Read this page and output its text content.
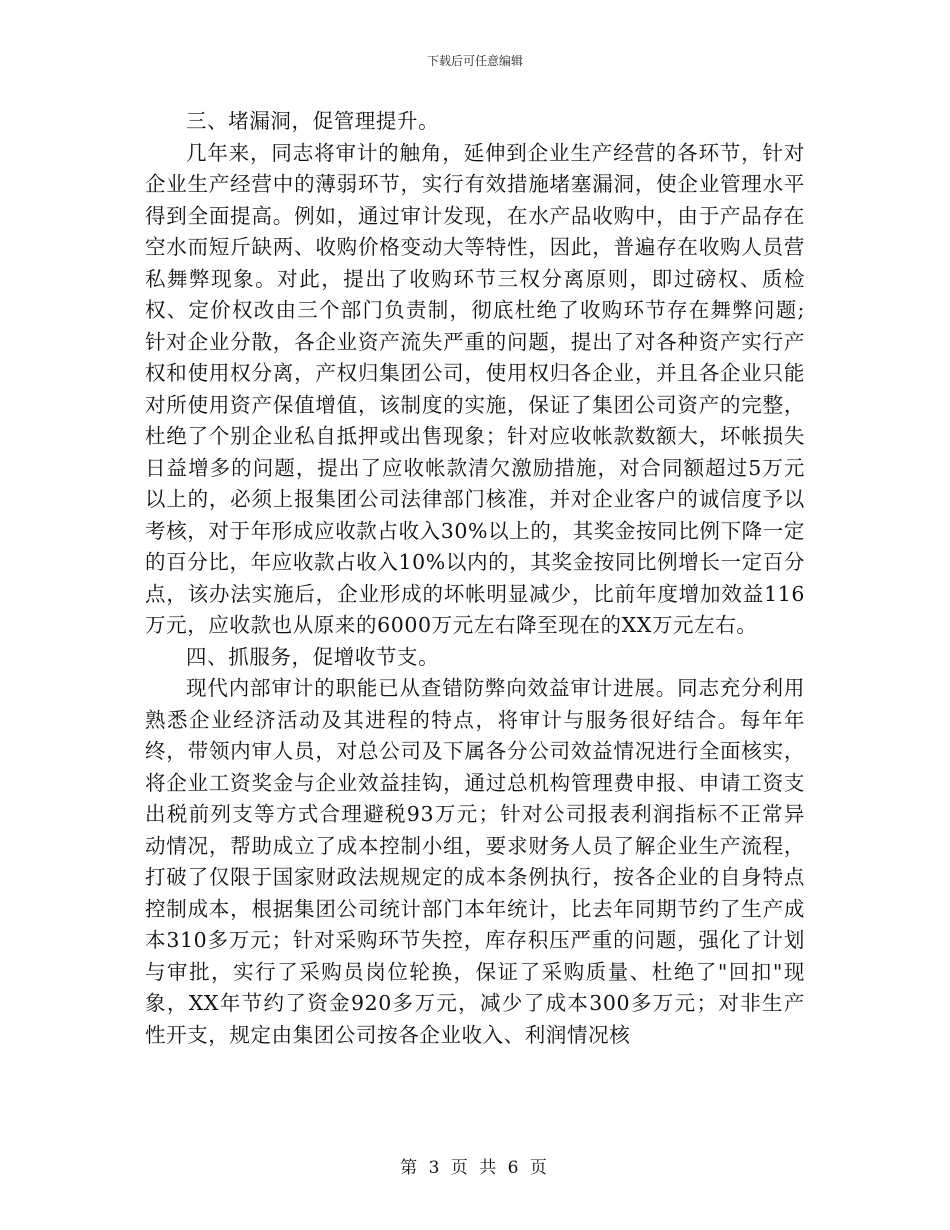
下载后可任意编辑

三、堵漏洞，促管理提升。

几年来，同志将审计的触角，延伸到企业生产经营的各环节，针对企业生产经营中的薄弱环节，实行有效措施堵塞漏洞，使企业管理水平得到全面提高。例如，通过审计发现，在水产品收购中，由于产品存在空水而短斤缺两、收购价格变动大等特性，因此，普遍存在收购人员营私舞弊现象。对此，提出了收购环节三权分离原则，即过磅权、质检权、定价权改由三个部门负责制，彻底杜绝了收购环节存在舞弊问题;针对企业分散，各企业资产流失严重的问题，提出了对各种资产实行产权和使用权分离，产权归集团公司，使用权归各企业，并且各企业只能对所使用资产保值增值，该制度的实施，保证了集团公司资产的完整，杜绝了个别企业私自抵押或出售现象；针对应收帐款数额大，坏帐损失日益增多的问题，提出了应收帐款清欠激励措施，对合同额超过5万元以上的，必须上报集团公司法律部门核准，并对企业客户的诚信度予以考核，对于年形成应收款占收入30%以上的，其奖金按同比例下降一定的百分比，年应收款占收入10%以内的，其奖金按同比例增长一定百分点，该办法实施后，企业形成的坏帐明显减少，比前年度增加效益116万元，应收款也从原来的6000万元左右降至现在的XX万元左右。

四、抓服务，促增收节支。

现代内部审计的职能已从查错防弊向效益审计进展。同志充分利用熟悉企业经济活动及其进程的特点，将审计与服务很好结合。每年年终，带领内审人员，对总公司及下属各分公司效益情况进行全面核实，将企业工资奖金与企业效益挂钩，通过总机构管理费申报、申请工资支出税前列支等方式合理避税93万元；针对公司报表利润指标不正常异动情况，帮助成立了成本控制小组，要求财务人员了解企业生产流程，打破了仅限于国家财政法规规定的成本条例执行，按各企业的自身特点控制成本，根据集团公司统计部门本年统计，比去年同期节约了生产成本310多万元；针对采购环节失控，库存积压严重的问题，强化了计划与审批，实行了采购员岗位轮换，保证了采购质量、杜绝了"回扣"现象，XX年节约了资金920多万元，减少了成本300多万元；对非生产性开支，规定由集团公司按各企业收入、利润情况核

第 3 页 共 6 页
